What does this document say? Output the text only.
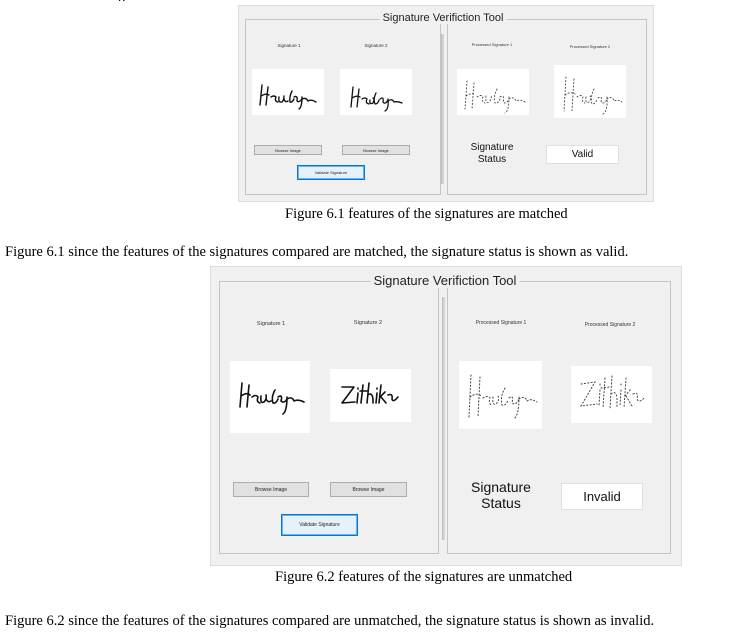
Signature Verifiction Tool
Signature 1	Signature 2	Processed Signature 1	Processed Signature 2
Browse Image	Browse Image
Validate Signature
Signature
Status	Valid
Figure 6.1 features of the signatures are matched
Figure 6.1 since the features of the signatures compared are matched, the signature status is shown as valid.
Signature Verifiction Tool
Signature 1	Signature 2	Processed Signature 1	Processed Signature 2
Browse Image	Browse Image
Validate Signature
Signature
Status	Invalid
Figure 6.2 features of the signatures are unmatched
Figure 6.2 since the features of the signatures compared are unmatched, the signature status is shown as invalid.
